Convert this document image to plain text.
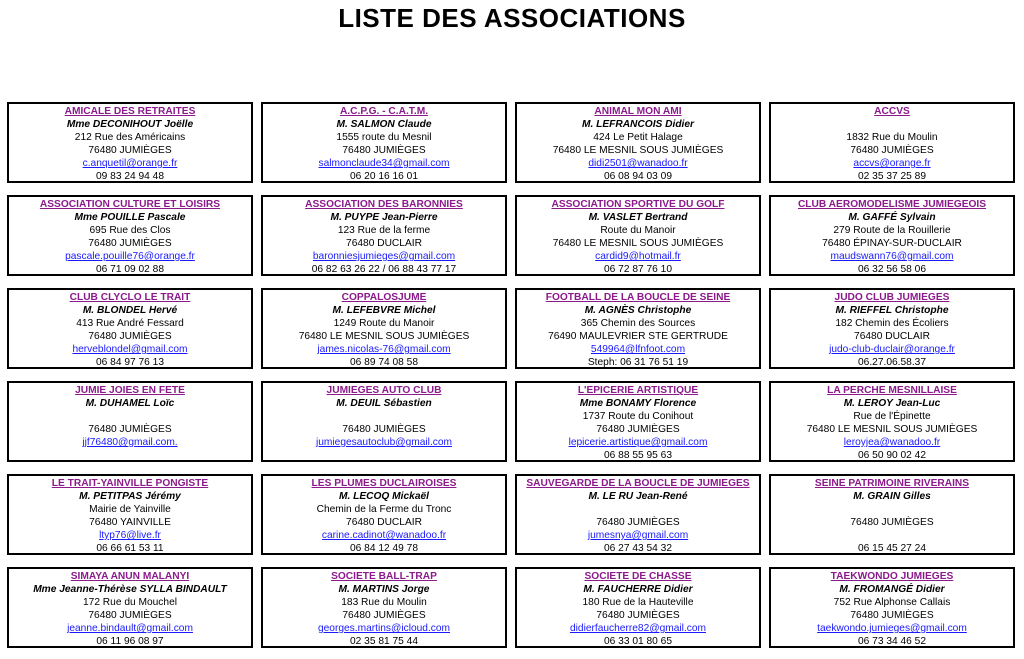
LISTE DES ASSOCIATIONS
AMICALE DES RETRAITES
Mme DECONIHOUT Joëlle
212 Rue des Américains
76480 JUMIÈGES
c.anquetil@orange.fr
09 83 24 94 48
A.C.P.G. - C.A.T.M.
M. SALMON Claude
1555 route du Mesnil
76480 JUMIÈGES
salmonclaude34@gmail.com
06 20 16 16 01
ANIMAL MON AMI
M. LEFRANCOIS Didier
424 Le Petit Halage
76480 LE MESNIL SOUS JUMIÈGES
didi2501@wanadoo.fr
06 08 94 03 09
ACCVS
1832 Rue du Moulin
76480 JUMIÈGES
accvs@orange.fr
02 35 37 25 89
ASSOCIATION CULTURE ET LOISIRS
Mme POUILLE Pascale
695 Rue des Clos
76480 JUMIÈGES
pascale.pouille76@orange.fr
06 71 09 02 88
ASSOCIATION DES BARONNIES
M. PUYPE Jean-Pierre
123 Rue de la ferme
76480 DUCLAIR
baronniesjumieges@gmail.com
06 82 63 26 22 / 06 88 43 77 17
ASSOCIATION SPORTIVE DU GOLF
M. VASLET Bertrand
Route du Manoir
76480 LE MESNIL SOUS JUMIÈGES
cardid9@hotmail.fr
06 72 87 76 10
CLUB AEROMODELISME JUMIEGEOIS
M. GAFFÉ Sylvain
279 Route de la Rouillerie
76480 ÉPINAY-SUR-DUCLAIR
maudswann76@gmail.com
06 32 56 58 06
CLUB CLYCLO LE TRAIT
M. BLONDEL Hervé
413 Rue André Fessard
76480 JUMIÈGES
herveblondel@gmail.com
06 84 97 76 13
COPPALOSJUME
M. LEFEBVRE Michel
1249 Route du Manoir
76480 LE MESNIL SOUS JUMIÈGES
james.nicolas-76@gmail.com
06 89 74 08 58
FOOTBALL DE LA BOUCLE DE SEINE
M. AGNÈS Christophe
365 Chemin des Sources
76490 MAULEVRIER STE GERTRUDE
549964@lfnfoot.com
Steph: 06 31 76 51 19
JUDO CLUB JUMIEGES
M. RIEFFEL Christophe
182 Chemin des Écoliers
76480 DUCLAIR
judo-club-duclair@orange.fr
06.27.06.58.37
JUMIE JOIES EN FETE
M. DUHAMEL Loïc
76480 JUMIÈGES
jjf76480@gmail.com.
JUMIEGES AUTO CLUB
M. DEUIL Sébastien
76480 JUMIÈGES
jumiegesautoclub@gmail.com
L'EPICERIE ARTISTIQUE
Mme BONAMY Florence
1737 Route du Conihout
76480 JUMIÈGES
lepicerie.artistique@gmail.com
06 88 55 95 63
LA PERCHE MESNILLAISE
M. LEROY Jean-Luc
Rue de l'Épinette
76480 LE MESNIL SOUS JUMIÈGES
leroyjea@wanadoo.fr
06 50 90 02 42
LE TRAIT-YAINVILLE PONGISTE
M. PETITPAS Jérémy
Mairie de Yainville
76480 YAINVILLE
ltyp76@live.fr
06 66 61 53 11
LES PLUMES DUCLAIROISES
M. LECOQ Mickaël
Chemin de la Ferme du Tronc
76480 DUCLAIR
carine.cadinot@wanadoo.fr
06 84 12 49 78
SAUVEGARDE DE LA BOUCLE DE JUMIEGES
M. LE RU Jean-René
76480 JUMIÈGES
jumesnya@gmail.com
06 27 43 54 32
SEINE PATRIMOINE RIVERAINS
M. GRAIN Gilles
76480 JUMIÈGES
06 15 45 27 24
SIMAYA ANUN MALANYI
Mme Jeanne-Thérèse SYLLA BINDAULT
172 Rue du Mouchel
76480 JUMIÈGES
jeanne.bindault@gmail.com
06 11 96 08 97
SOCIETE BALL-TRAP
M. MARTINS Jorge
183 Rue du Moulin
76480 JUMIÈGES
georges.martins@icloud.com
02 35 81 75 44
SOCIETE DE CHASSE
M. FAUCHERRE Didier
180 Rue de la Hauteville
76480 JUMIÈGES
didierfaucherre82@gmail.com
06 33 01 80 65
TAEKWONDO JUMIEGES
M. FROMANGÉ Didier
752 Rue Alphonse Callais
76480 JUMIÈGES
taekwondo.jumieges@gmail.com
06 73 34 46 52
